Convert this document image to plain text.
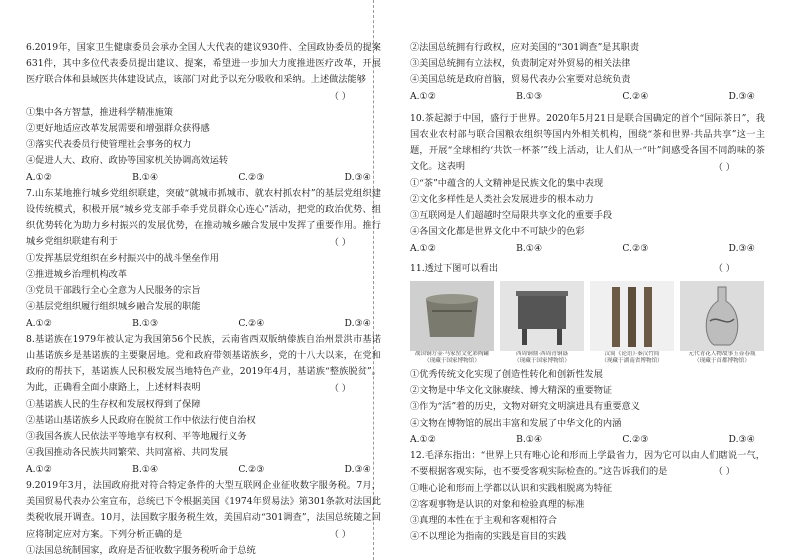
6.2019年，国家卫生健康委员会承办全国人大代表的建议930件、全国政协委员的提案631件，其中多位代表委员提出建议、提案，希望进一步加大力度推进医疗改革，开展医疗联合体和县域医共体建设试点，该部门对此予以充分吸收和采纳。上述做法能够
（ ）
①集中各方智慧，推进科学精准施策
②更好地适应改革发展需要和增强群众获得感
③落实代表委员行使管理社会事务的权力
④促进人大、政府、政协等国家机关协调高效运转
A.①②	B.①④	C.②③	D.③④
7.山东某地推行城乡党组织联建，突破“就城市抓城市、就农村抓农村”的基层党组织建设传统模式，积极开展“城乡党支部手牵手党员群众心连心”活动，把党的政治优势、组织优势转化为助力乡村振兴的发展优势，在推动城乡融合发展中发挥了重要作用。推行城乡党组织联建有利于	（ ）
①发挥基层党组织在乡村振兴中的战斗堡垒作用
②推进城乡治理机构改革
③党员干部践行全心全意为人民服务的宗旨
④基层党组织履行组织城乡融合发展的职能
A.①②	B.①③	C.②④	D.③④
8.基诺族在1979年被认定为我国第56个民族，云南省西双版纳傣族自治州景洪市基诺山基诺族乡是基诺族的主要聚居地。党和政府带领基诺族乡，党的十八大以来，在党和政府的帮扶下，基诺族人民积极发展当地特色产业，2019年4月，基诺族“整族脱贫”。为此，正确看全面小康路上，上述材料表明	（ ）
①基诺族人民的生存权和发展权得到了保障
②基诺山基诺族乡人民政府在脱贫工作中依法行使自治权
③我国各族人民依法平等地享有权利、平等地履行义务
④我国推动各民族共同繁荣、共同富裕、共同发展
A.①②	B.①④	C.②③	D.③④
9.2019年3月，法国政府批对符合特定条件的大型互联网企业征收数字服务税。7月，美国贸易代表办公室宣布，总统已下令根据美国《1974年贸易法》第301条款对法国此类税收展开调查。10月，法国数字服务税生效，美国启动“301调查”，法国总统随之回应将制定应对方案。下列分析正确的是	（ ）
①法国总统制国家，政府是否征收数字服务税听命于总统
②法国总统拥有行政权，应对美国的“301调查”是其职责
③美国总统拥有立法权，负责制定对外贸易的相关法律
④美国总统是政府首脑，贸易代表办公室要对总统负责
A.①②	B.①③	C.②④	D.③④
10.茶起源于中国，盛行于世界。2020年5月21日是联合国确定的首个“国际茶日”，我国农业农村部与联合国粮农组织等国内外相关机构，围绕“茶和世界·共品共享”这一主题，开展“全球相约‘共饮一杯茶’”线上活动，让人们从一“叶”间感受各国不同韵味的茶文化。这表明	（ ）
①“茶”中蕴含的人文精神是民族文化的集中表现
②文化多样性是人类社会发展进步的根本动力
③互联网是人们超越时空局限共享文化的重要手段
④各国文化都是世界文化中不可缺少的色彩
A.①②	B.①④	C.②③	D.③④
11.透过下图可以看出	（ ）
战国铜方壶·马家窑文化彩陶罐
（现藏于国家博物馆）
西周铜鼎·西周青铜簋
（现藏于国家博物馆）
汉简《论语》·秦汉竹简
（现藏于湖南省博物馆）
元代青花人物故事玉壶春瓶
（现藏于首都博物馆）
①优秀传统文化实现了创造性转化和创新性发展
②文物是中华文化文脉赓续、博大精深的重要物证
③作为“活”着的历史，文物对研究文明演进具有重要意义
④文物在博物馆的展出丰富和发展了中华文化的内涵
A.①②	B.①④	C.②③	D.③④
12.毛泽东指出：“世界上只有唯心论和形而上学最省力，因为它可以由人们瞎说一气，不要根据客观实际，也不要受客观实际检查的。”这告诉我们的是	（ ）
①唯心论和形而上学都以认识和实践相脱离为特征
②客观事物是认识的对象和检验真理的标准
③真理的本性在于主观和客观相符合
④不以理论为指南的实践是盲目的实践
